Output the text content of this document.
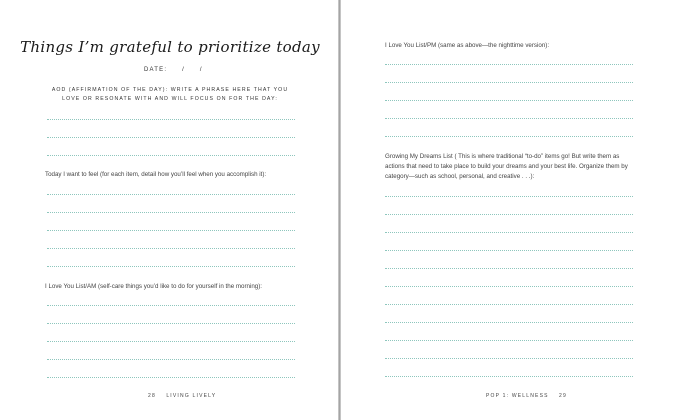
Things I’m grateful to prioritize today
DATE: / /
AOD (AFFIRMATION OF THE DAY): WRITE A PHRASE HERE THAT YOU LOVE OR RESONATE WITH AND WILL FOCUS ON FOR THE DAY:
Today I want to feel (for each item, detail how you’ll feel when you accomplish it):
I Love You List/AM (self-care things you’d like to do for yourself in the morning):
28 LIVING LIVELY
I Love You List/PM (same as above—the nighttime version):
Growing My Dreams List ( This is where traditional “to-do” items go! But write them as actions that need to take place to build your dreams and your best life. Organize them by category—such as school, personal, and creative . . .):
POP 1: WELLNESS 29
